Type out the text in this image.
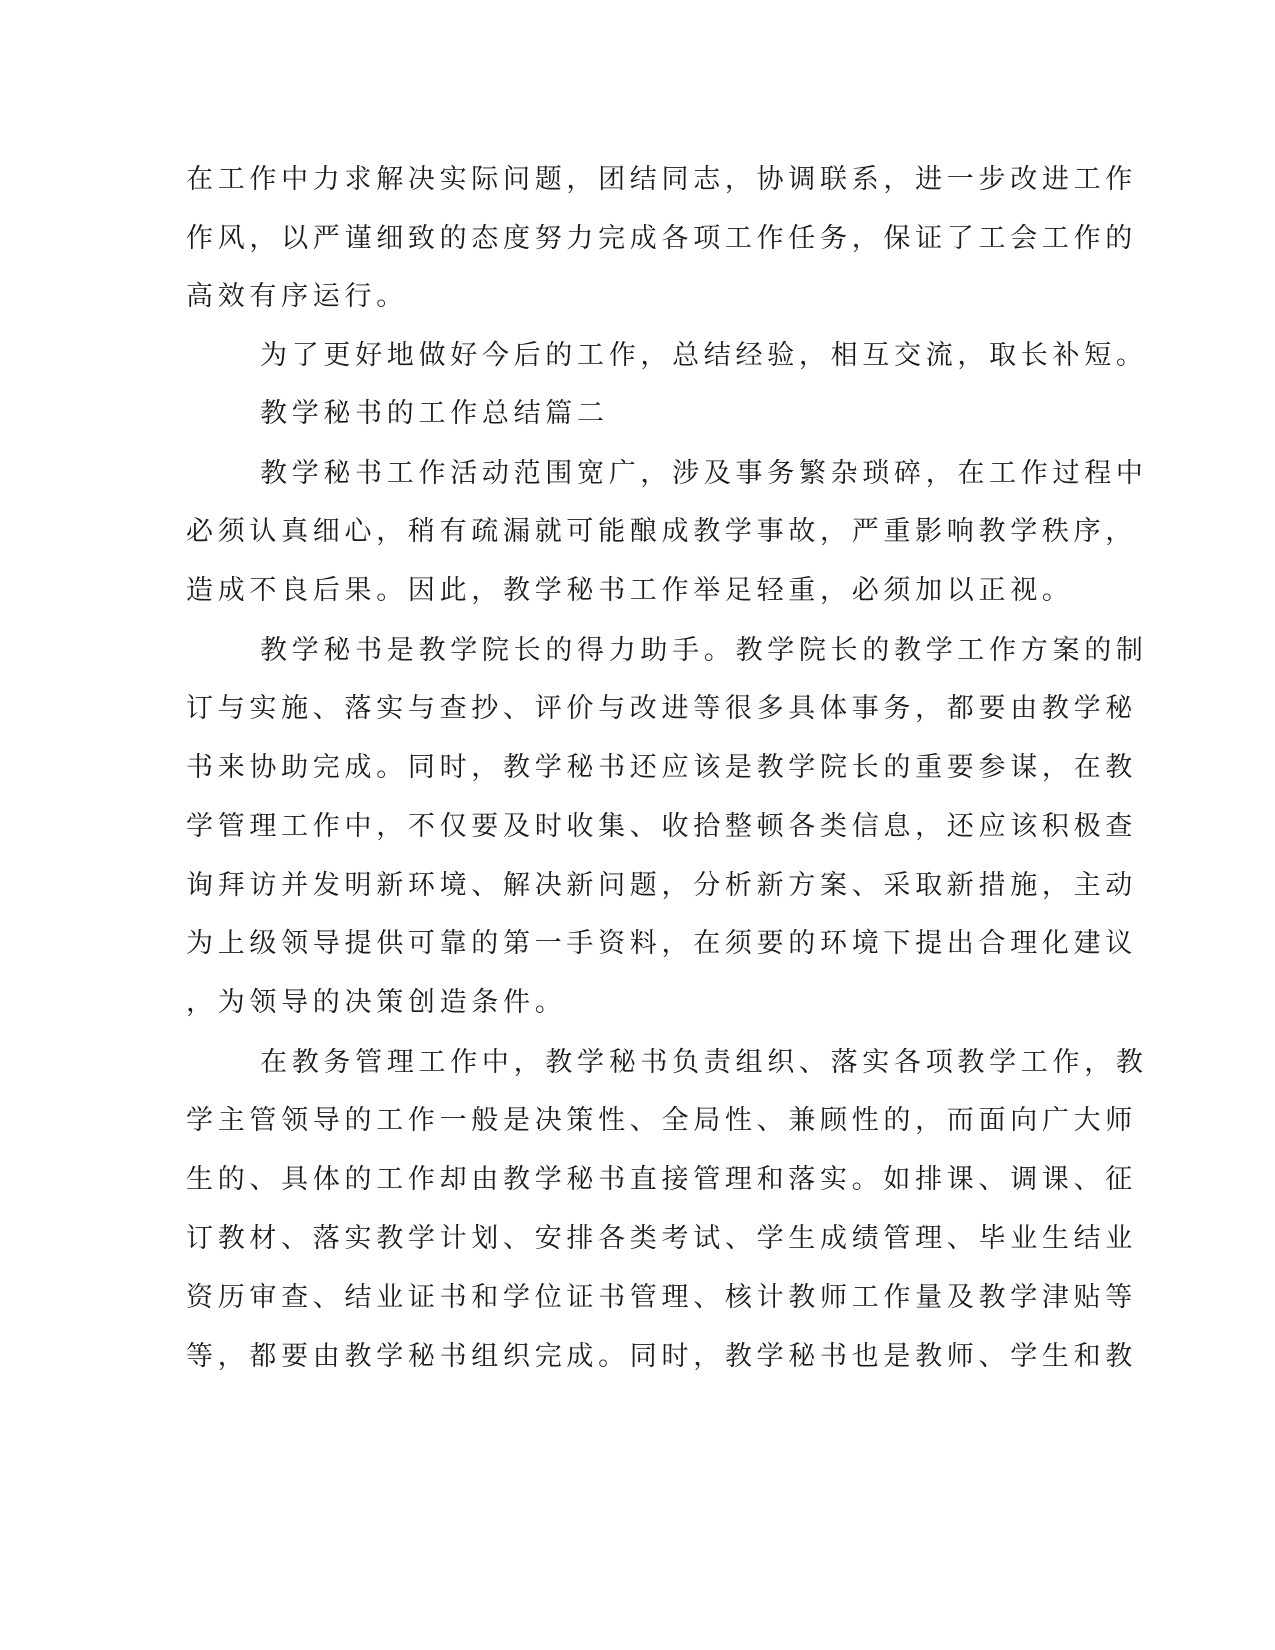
在工作中力求解决实际问题，团结同志，协调联系，进一步改进工作
作风，以严谨细致的态度努力完成各项工作任务，保证了工会工作的
高效有序运行。
为了更好地做好今后的工作，总结经验，相互交流，取长补短。
教学秘书的工作总结篇二
教学秘书工作活动范围宽广，涉及事务繁杂琐碎，在工作过程中
必须认真细心，稍有疏漏就可能酿成教学事故，严重影响教学秩序，
造成不良后果。因此，教学秘书工作举足轻重，必须加以正视。
教学秘书是教学院长的得力助手。教学院长的教学工作方案的制
订与实施、落实与查抄、评价与改进等很多具体事务，都要由教学秘
书来协助完成。同时，教学秘书还应该是教学院长的重要参谋，在教
学管理工作中，不仅要及时收集、收拾整顿各类信息，还应该积极查
询拜访并发明新环境、解决新问题，分析新方案、采取新措施，主动
为上级领导提供可靠的第一手资料，在须要的环境下提出合理化建议
，为领导的决策创造条件。
在教务管理工作中，教学秘书负责组织、落实各项教学工作，教
学主管领导的工作一般是决策性、全局性、兼顾性的，而面向广大师
生的、具体的工作却由教学秘书直接管理和落实。如排课、调课、征
订教材、落实教学计划、安排各类考试、学生成绩管理、毕业生结业
资历审查、结业证书和学位证书管理、核计教师工作量及教学津贴等
等，都要由教学秘书组织完成。同时，教学秘书也是教师、学生和教
